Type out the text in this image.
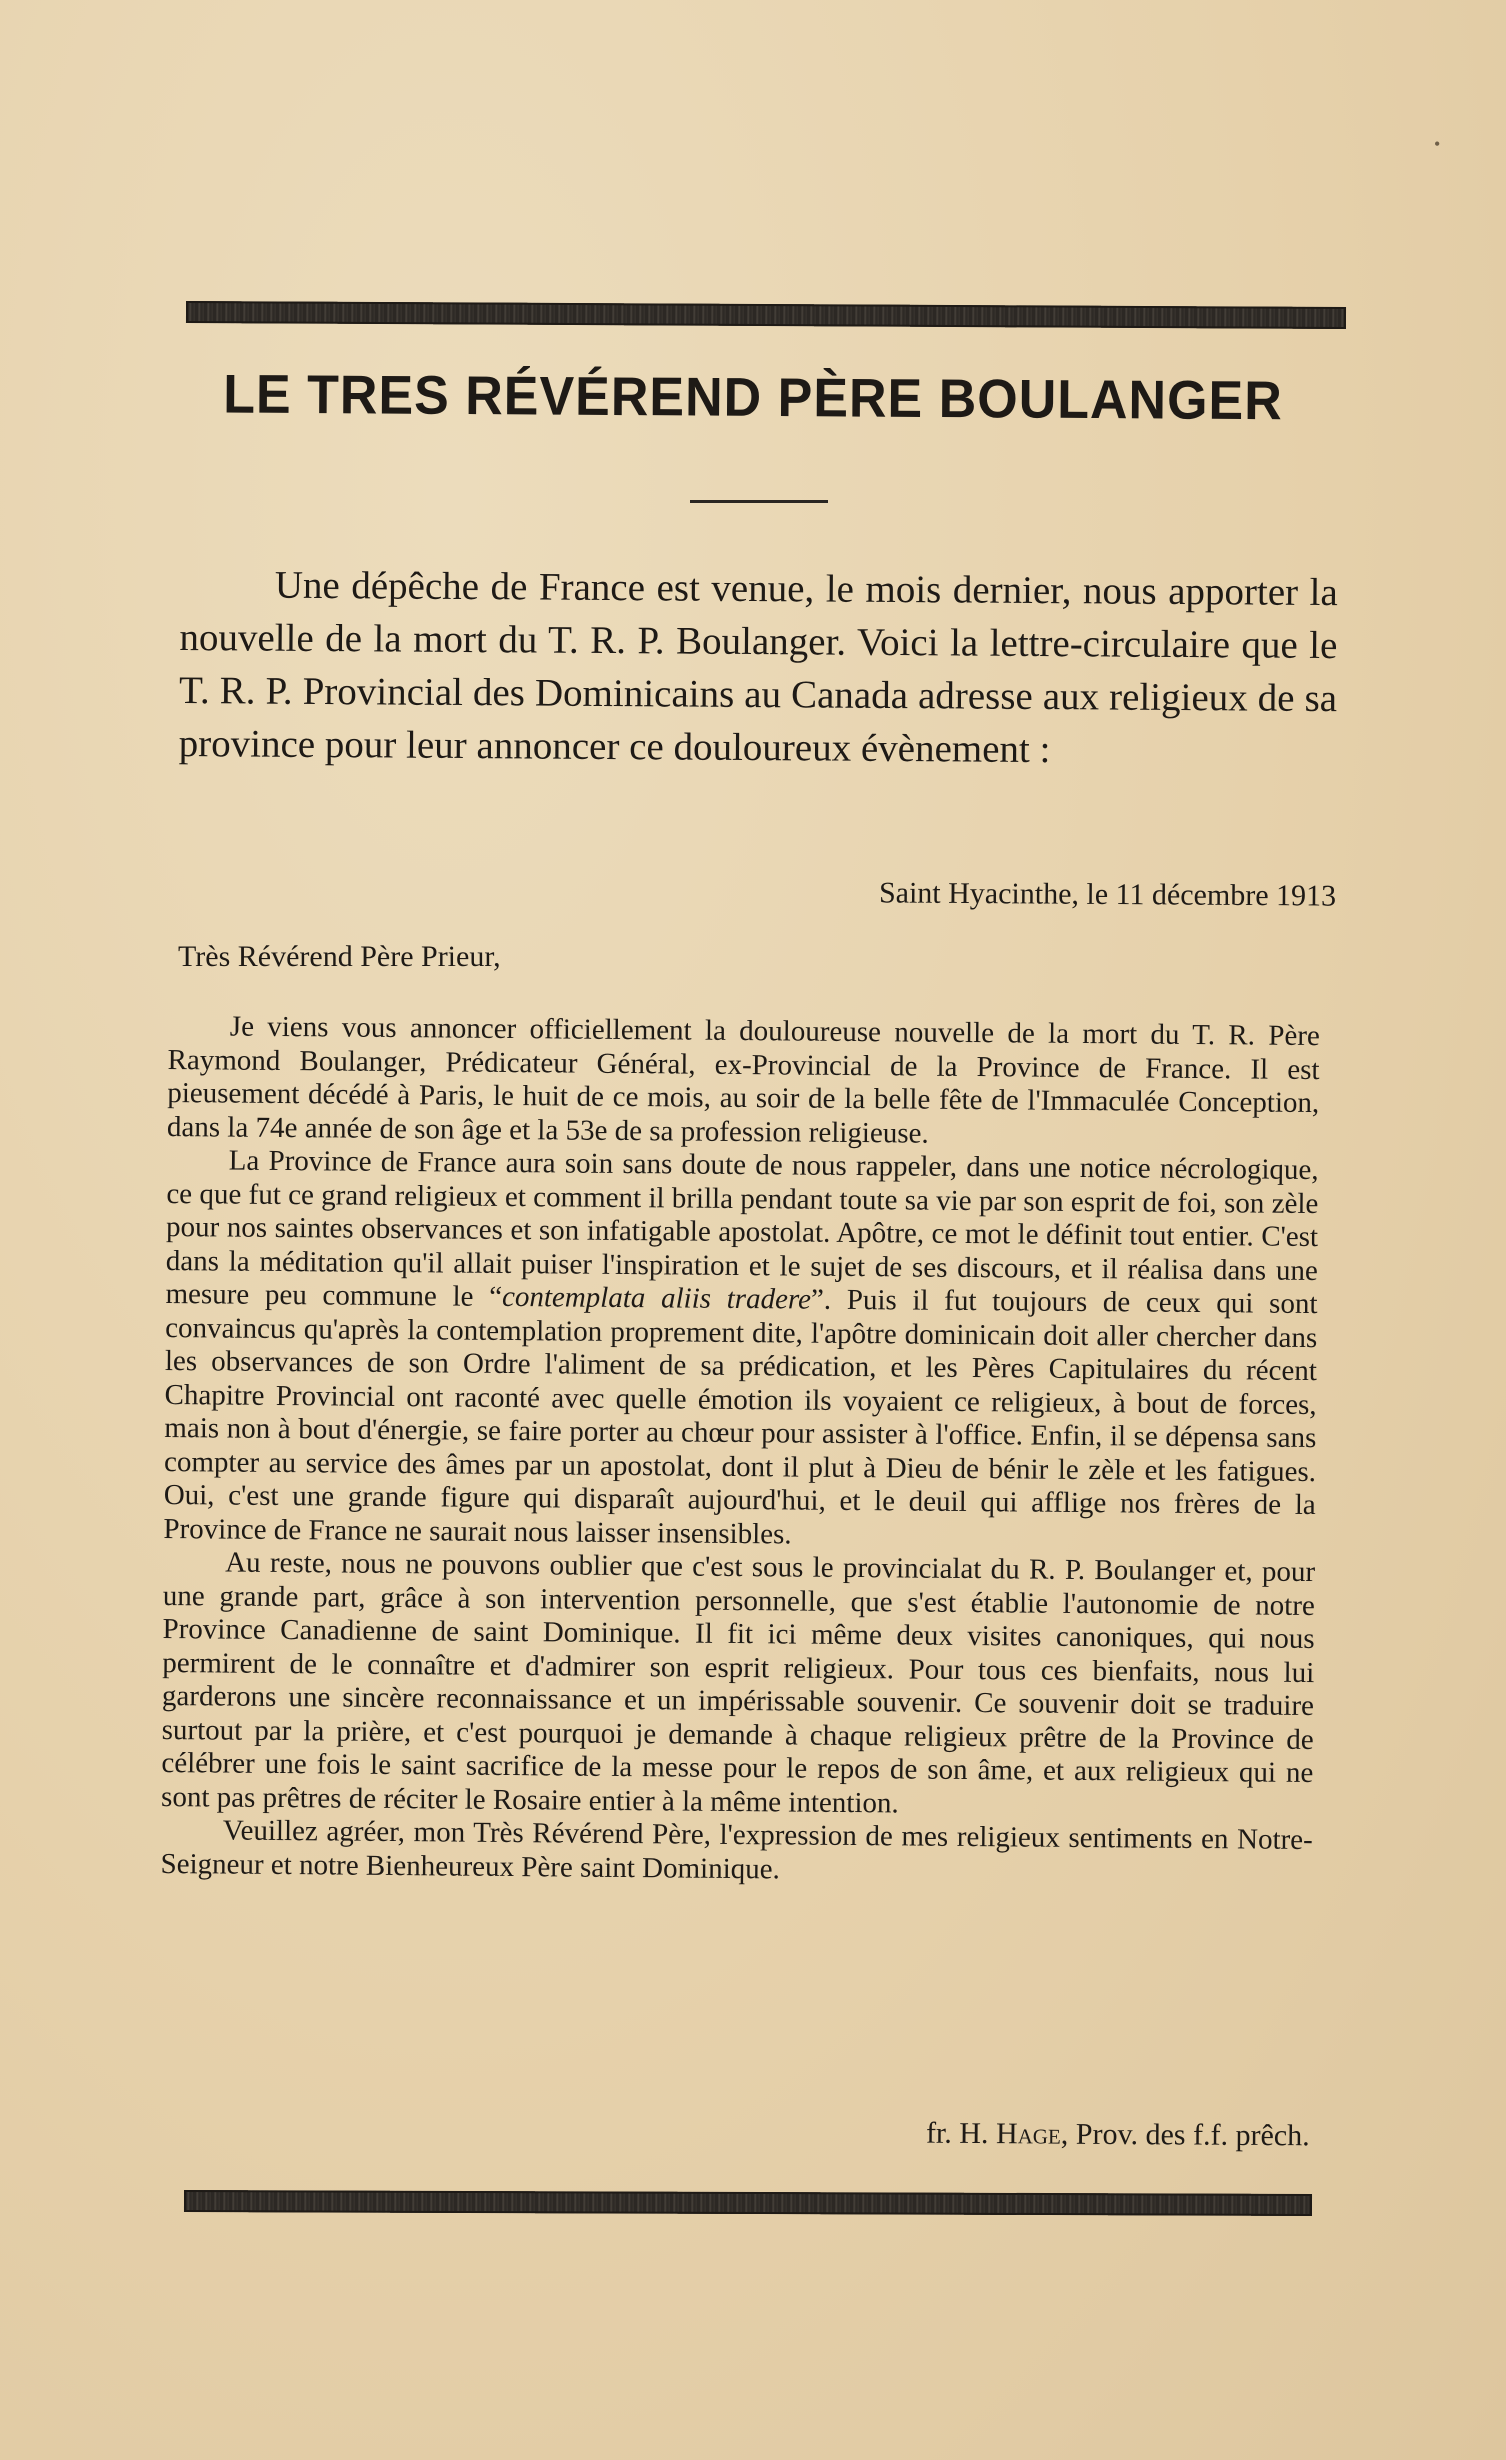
LE TRES RÉVÉREND PÈRE BOULANGER

Une dépêche de France est venue, le mois dernier, nous apporter la nouvelle de la mort du T. R. P. Boulanger. Voici la lettre-circulaire que le T. R. P. Provincial des Dominicains au Canada adresse aux religieux de sa province pour leur annoncer ce douloureux évènement :

Saint Hyacinthe, le 11 décembre 1913
Très Révérend Père Prieur,

Je viens vous annoncer officiellement la douloureuse nouvelle de la mort du T. R. Père Raymond Boulanger, Prédicateur Général, ex-Provincial de la Province de France. Il est pieusement décédé à Paris, le huit de ce mois, au soir de la belle fête de l'Immaculée Conception, dans la 74e année de son âge et la 53e de sa profession religieuse.

La Province de France aura soin sans doute de nous rappeler, dans une notice nécrologique, ce que fut ce grand religieux et comment il brilla pendant toute sa vie par son esprit de foi, son zèle pour nos saintes observances et son infatigable apostolat. Apôtre, ce mot le définit tout entier. C'est dans la méditation qu'il allait puiser l'inspiration et le sujet de ses discours, et il réalisa dans une mesure peu commune le “contemplata aliis tradere”. Puis il fut toujours de ceux qui sont convaincus qu'après la contemplation proprement dite, l'apôtre dominicain doit aller chercher dans les observances de son Ordre l'aliment de sa prédication, et les Pères Capitulaires du récent Chapitre Provincial ont raconté avec quelle émotion ils voyaient ce religieux, à bout de forces, mais non à bout d'énergie, se faire porter au chœur pour assister à l'office. Enfin, il se dépensa sans compter au service des âmes par un apostolat, dont il plut à Dieu de bénir le zèle et les fatigues. Oui, c'est une grande figure qui disparaît aujourd'hui, et le deuil qui afflige nos frères de la Province de France ne saurait nous laisser insensibles.

Au reste, nous ne pouvons oublier que c'est sous le provincialat du R. P. Boulanger et, pour une grande part, grâce à son intervention personnelle, que s'est établie l'autonomie de notre Province Canadienne de saint Dominique. Il fit ici même deux visites canoniques, qui nous permirent de le connaître et d'admirer son esprit religieux. Pour tous ces bienfaits, nous lui garderons une sincère reconnaissance et un impérissable souvenir. Ce souvenir doit se traduire surtout par la prière, et c'est pourquoi je demande à chaque religieux prêtre de la Province de célébrer une fois le saint sacrifice de la messe pour le repos de son âme, et aux religieux qui ne sont pas prêtres de réciter le Rosaire entier à la même intention.

Veuillez agréer, mon Très Révérend Père, l'expression de mes religieux sentiments en Notre-Seigneur et notre Bienheureux Père saint Dominique.

fr. H. Hage, Prov. des f.f. prêch.
•
